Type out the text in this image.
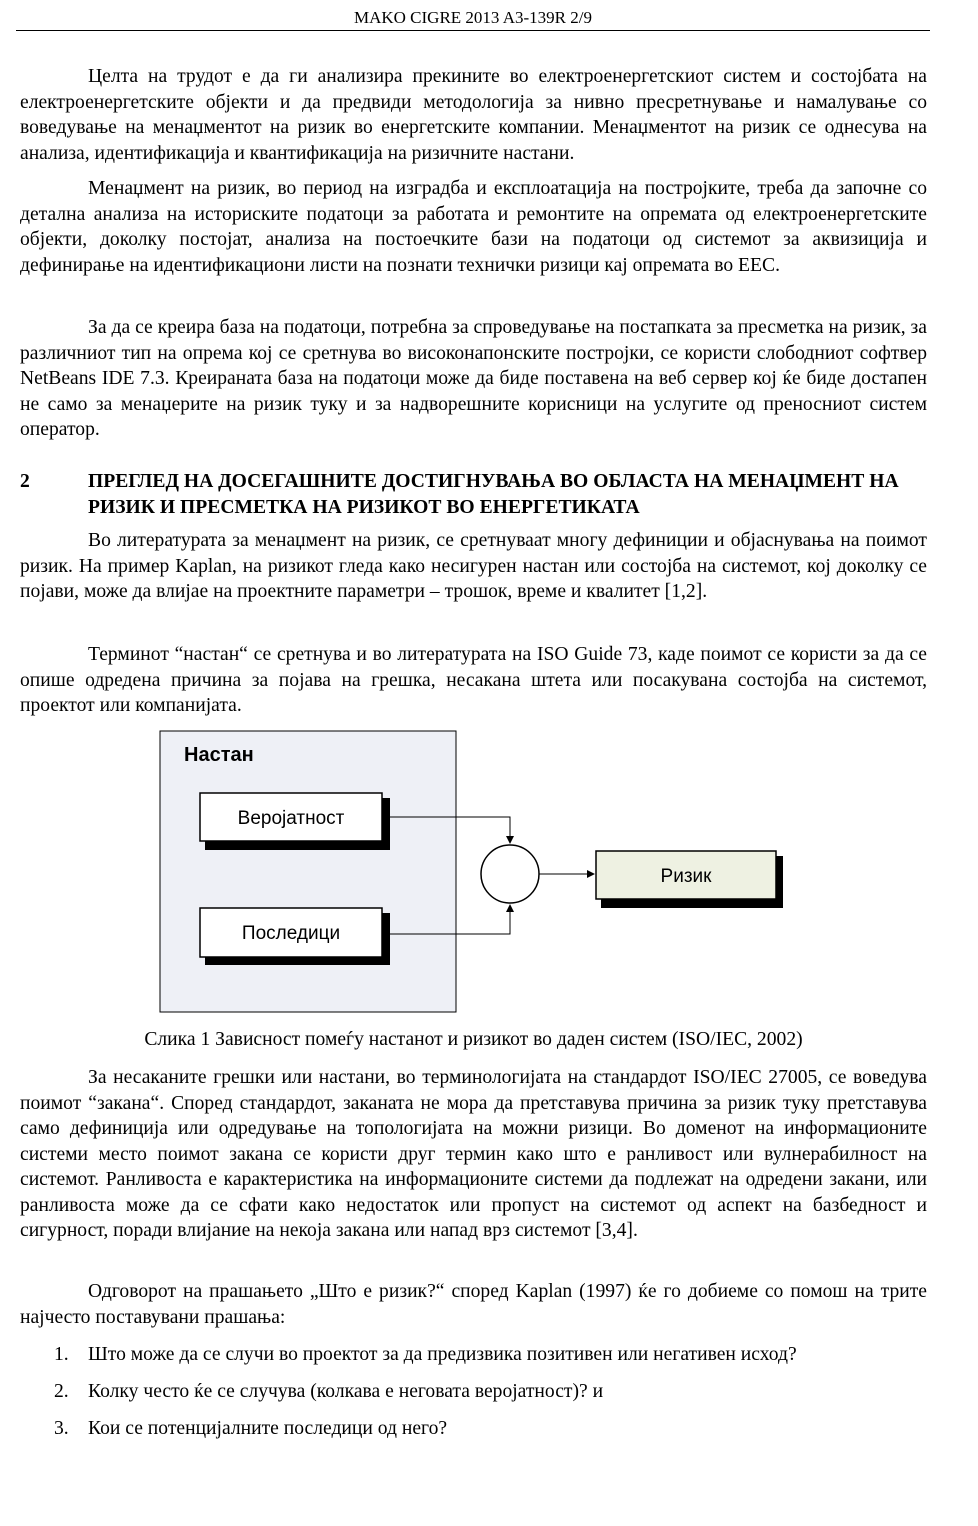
MAKO CIGRE 2013 A3-139R 2/9

Целта на трудот е да ги анализира прекините во електроенергетскиот систем и состојбата на електроенергетските објекти и да предвиди методологија за нивно пресретнување и намалување со воведување на менаџментот на ризик во енергетските компании. Менаџментот на ризик се однесува на анализа, идентификација и квантификација на ризичните настани.

Менаџмент на ризик, во период на изградба и експлоатација на постројките, треба да започне со детална анализа на историските податоци за работата и ремонтите на опремата од електроенергетските објекти, доколку постојат, анализа на постоечките бази на податоци од системот за аквизиција и дефинирање на идентификациони листи на познати технички ризици кај опремата во ЕЕС.

За да се креира база на податоци, потребна за спроведување на постапката за пресметка на ризик, за различниот тип на опрема кој се сретнува во високонапонските постројки, се користи слободниот софтвер NetBeans IDE 7.3. Креираната база на податоци може да биде поставена на веб сервер кој ќе биде достапен не само за менаџерите на ризик туку и за надворешните корисници на услугите од преносниот систем оператор.

2	ПРЕГЛЕД НА ДОСЕГАШНИТЕ ДОСТИГНУВАЊА ВО ОБЛАСТА НА МЕНАЏМЕНТ НА РИЗИК И ПРЕСМЕТКА НА РИЗИКОТ ВО ЕНЕРГЕТИКАТА

Во литературата за менаџмент на ризик, се сретнуваат многу дефиниции и објаснувања на поимот ризик. На пример Kaplan, на ризикот гледа како несигурен настан или состојба на системот, кој доколку се појави, може да влијае на проектните параметри – трошок, време и квалитет [1,2].

Терминот “настан“ се сретнува и во литературата на ISO Guide 73, каде поимот се користи за да се опише одредена причина за појава на грешка, несакана штета или посакувана состојба на системот, проектот или компанијата.

Настан
Веројатност
Последици
Ризик
Слика 1 Зависност помеѓу настанот и ризикот во даден систем (ISO/IEC, 2002)

За несаканите грешки или настани, во терминологијата на стандардот ISO/IEC 27005, се воведува поимот “закана“. Според стандардот, заканата не мора да претставува причина за ризик туку претставува само дефиниција или одредување на топологијата на можни ризици. Во доменот на информационите системи место поимот закана се користи друг термин како што е ранливост или вулнерабилност на системот. Ранливоста е карактеристика на информационите системи да подлежат на одредени закани, или ранливоста може да се сфати како недостаток или пропуст на системот од аспект на базбедност и сигурност, поради влијание на некоја закана или напад врз системот [3,4].

Одговорот на прашањето „Што е ризик?“ според Kaplan (1997) ќе го добиеме со помош на трите најчесто поставувани прашања:

1. Што може да се случи во проектот за да предизвика позитивен или негативен исход?
2. Колку често ќе се случува (колкава е неговата веројатност)? и
3. Кои се потенцијалните последици од него?
